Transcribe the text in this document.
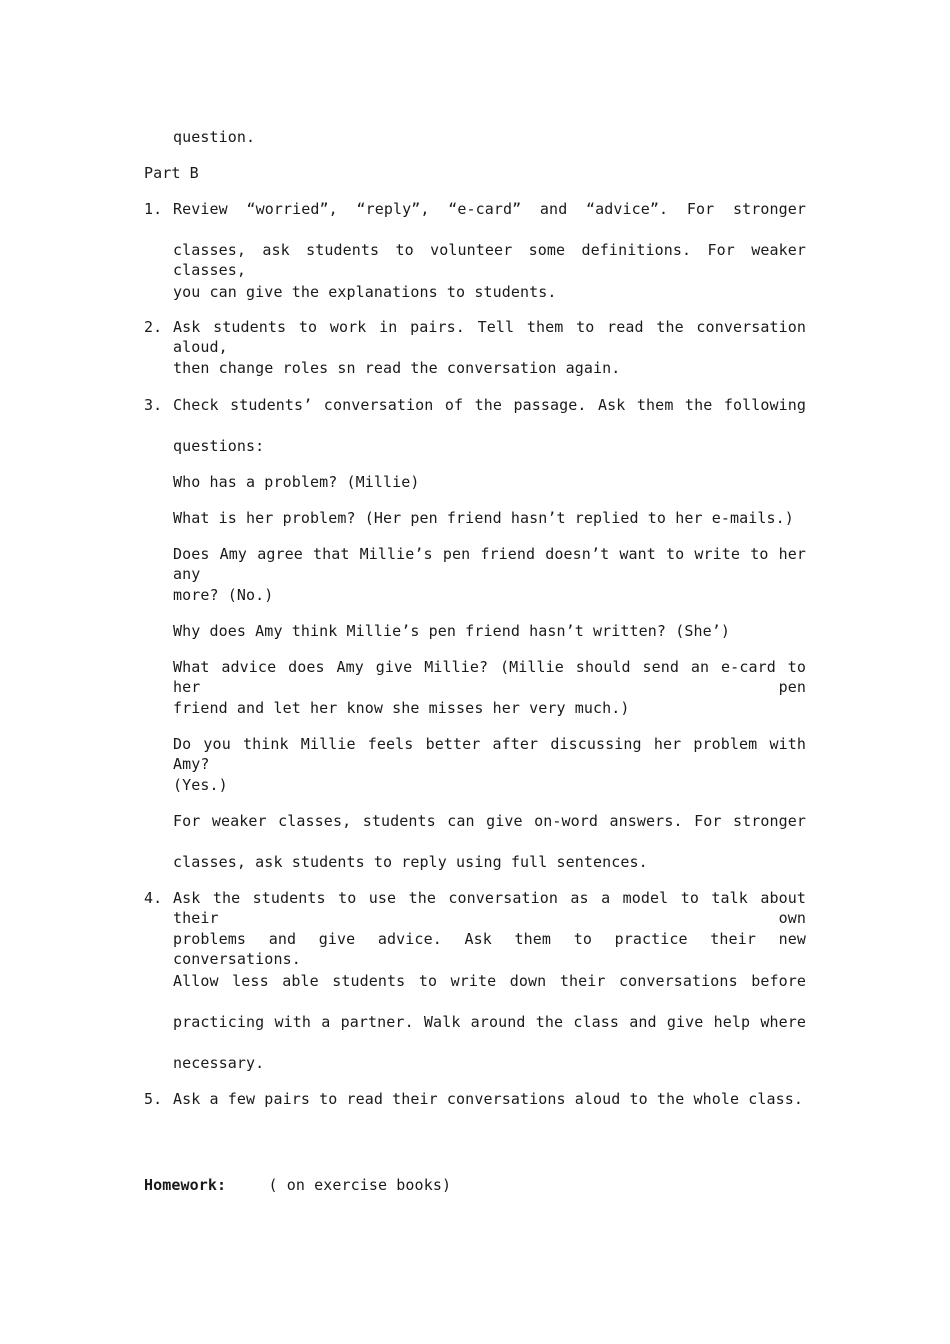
question.
Part B
1. Review “worried”, “reply”, “e-card” and “advice”. For stronger
classes, ask students to volunteer some definitions. For weaker classes,
you can give the explanations to students.
2. Ask students to work in pairs. Tell them to read the conversation aloud,
then change roles sn read the conversation again.
3. Check students’ conversation of the passage. Ask them the following
questions:
Who has a problem? (Millie)
What is her problem? (Her pen friend hasn’t replied to her e-mails.)
Does Amy agree that Millie’s pen friend doesn’t want to write to her any
more? (No.)
Why does Amy think Millie’s pen friend hasn’t written? (She’)
What advice does Amy give Millie? (Millie should send an e-card to her pen
friend and let her know she misses her very much.)
Do you think Millie feels better after discussing her problem with Amy?
(Yes.)
For weaker classes, students can give on-word answers. For stronger
classes, ask students to reply using full sentences.
4. Ask the students to use the conversation as a model to talk about their own
problems and give advice. Ask them to practice their new conversations.
Allow less able students to write down their conversations before
practicing with a partner. Walk around the class and give help where
necessary.
5. Ask a few pairs to read their conversations aloud to the whole class.
Homework:	( on exercise books)
